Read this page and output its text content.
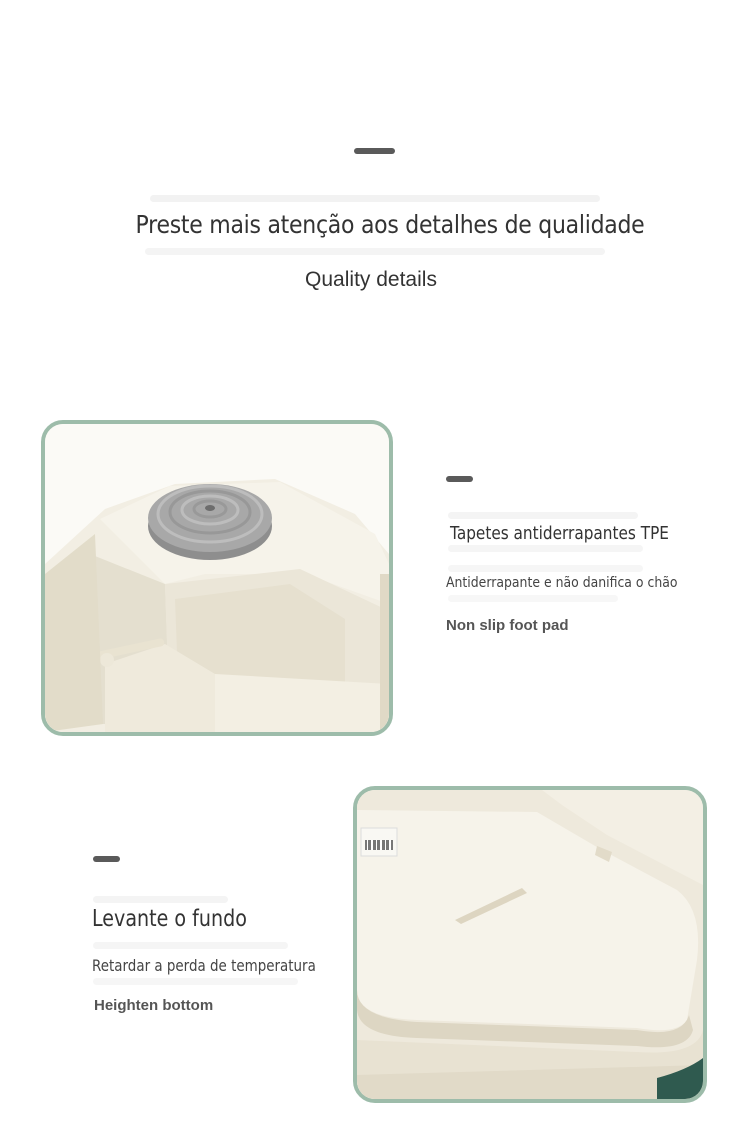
Preste mais atenção aos detalhes de qualidade
Quality details
Tapetes antiderrapantes TPE
Antiderrapante e não danifica o chão
Non slip foot pad
Levante o fundo
Retardar a perda de temperatura
Heighten bottom
